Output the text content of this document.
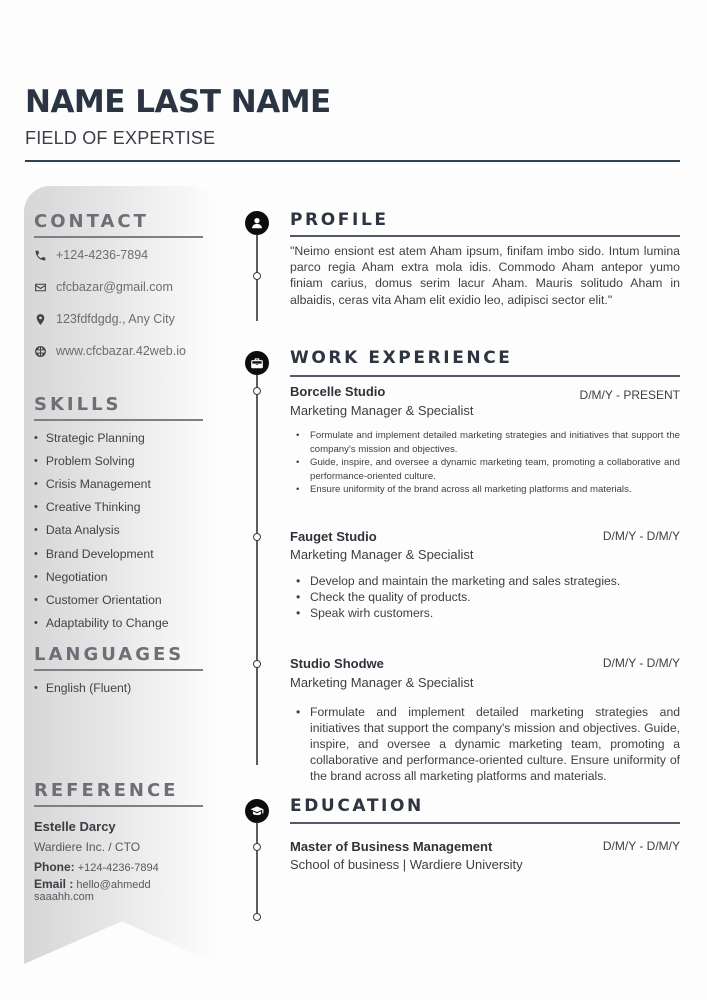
NAME LAST NAME
FIELD OF EXPERTISE
CONTACT
+124-4236-7894
cfcbazar@gmail.com
123fdfdgdg., Any City
www.cfcbazar.42web.io
SKILLS
• Strategic Planning
• Problem Solving
• Crisis Management
• Creative Thinking
• Data Analysis
• Brand Development
• Negotiation
• Customer Orientation
• Adaptability to Change
LANGUAGES
• English (Fluent)
REFERENCE
Estelle Darcy
Wardiere Inc. / CTO
Phone: +124-4236-7894
Email : hello@ahmedd saaahh.com
PROFILE
"Neimo ensiont est atem Aham ipsum, finifam imbo sido. Intum lumina parco regia Aham extra mola idis. Commodo Aham antepor yumo finiam carius, domus serim lacur Aham. Mauris solitudo Aham in albaidis, ceras vita Aham elit exidio leo, adipisci sector elit."
WORK EXPERIENCE
Borcelle Studio	D/M/Y - PRESENT
Marketing Manager & Specialist
• Formulate and implement detailed marketing strategies and initiatives that support the company's mission and objectives.
• Guide, inspire, and oversee a dynamic marketing team, promoting a collaborative and performance-oriented culture.
• Ensure uniformity of the brand across all marketing platforms and materials.
Fauget Studio	D/M/Y - D/M/Y
Marketing Manager & Specialist
• Develop and maintain the marketing and sales strategies.
• Check the quality of products.
• Speak wirh customers.
Studio Shodwe	D/M/Y - D/M/Y
Marketing Manager & Specialist
• Formulate and implement detailed marketing strategies and initiatives that support the company's mission and objectives. Guide, inspire, and oversee a dynamic marketing team, promoting a collaborative and performance-oriented culture. Ensure uniformity of the brand across all marketing platforms and materials.
EDUCATION
Master of Business Management	D/M/Y - D/M/Y
School of business | Wardiere University
